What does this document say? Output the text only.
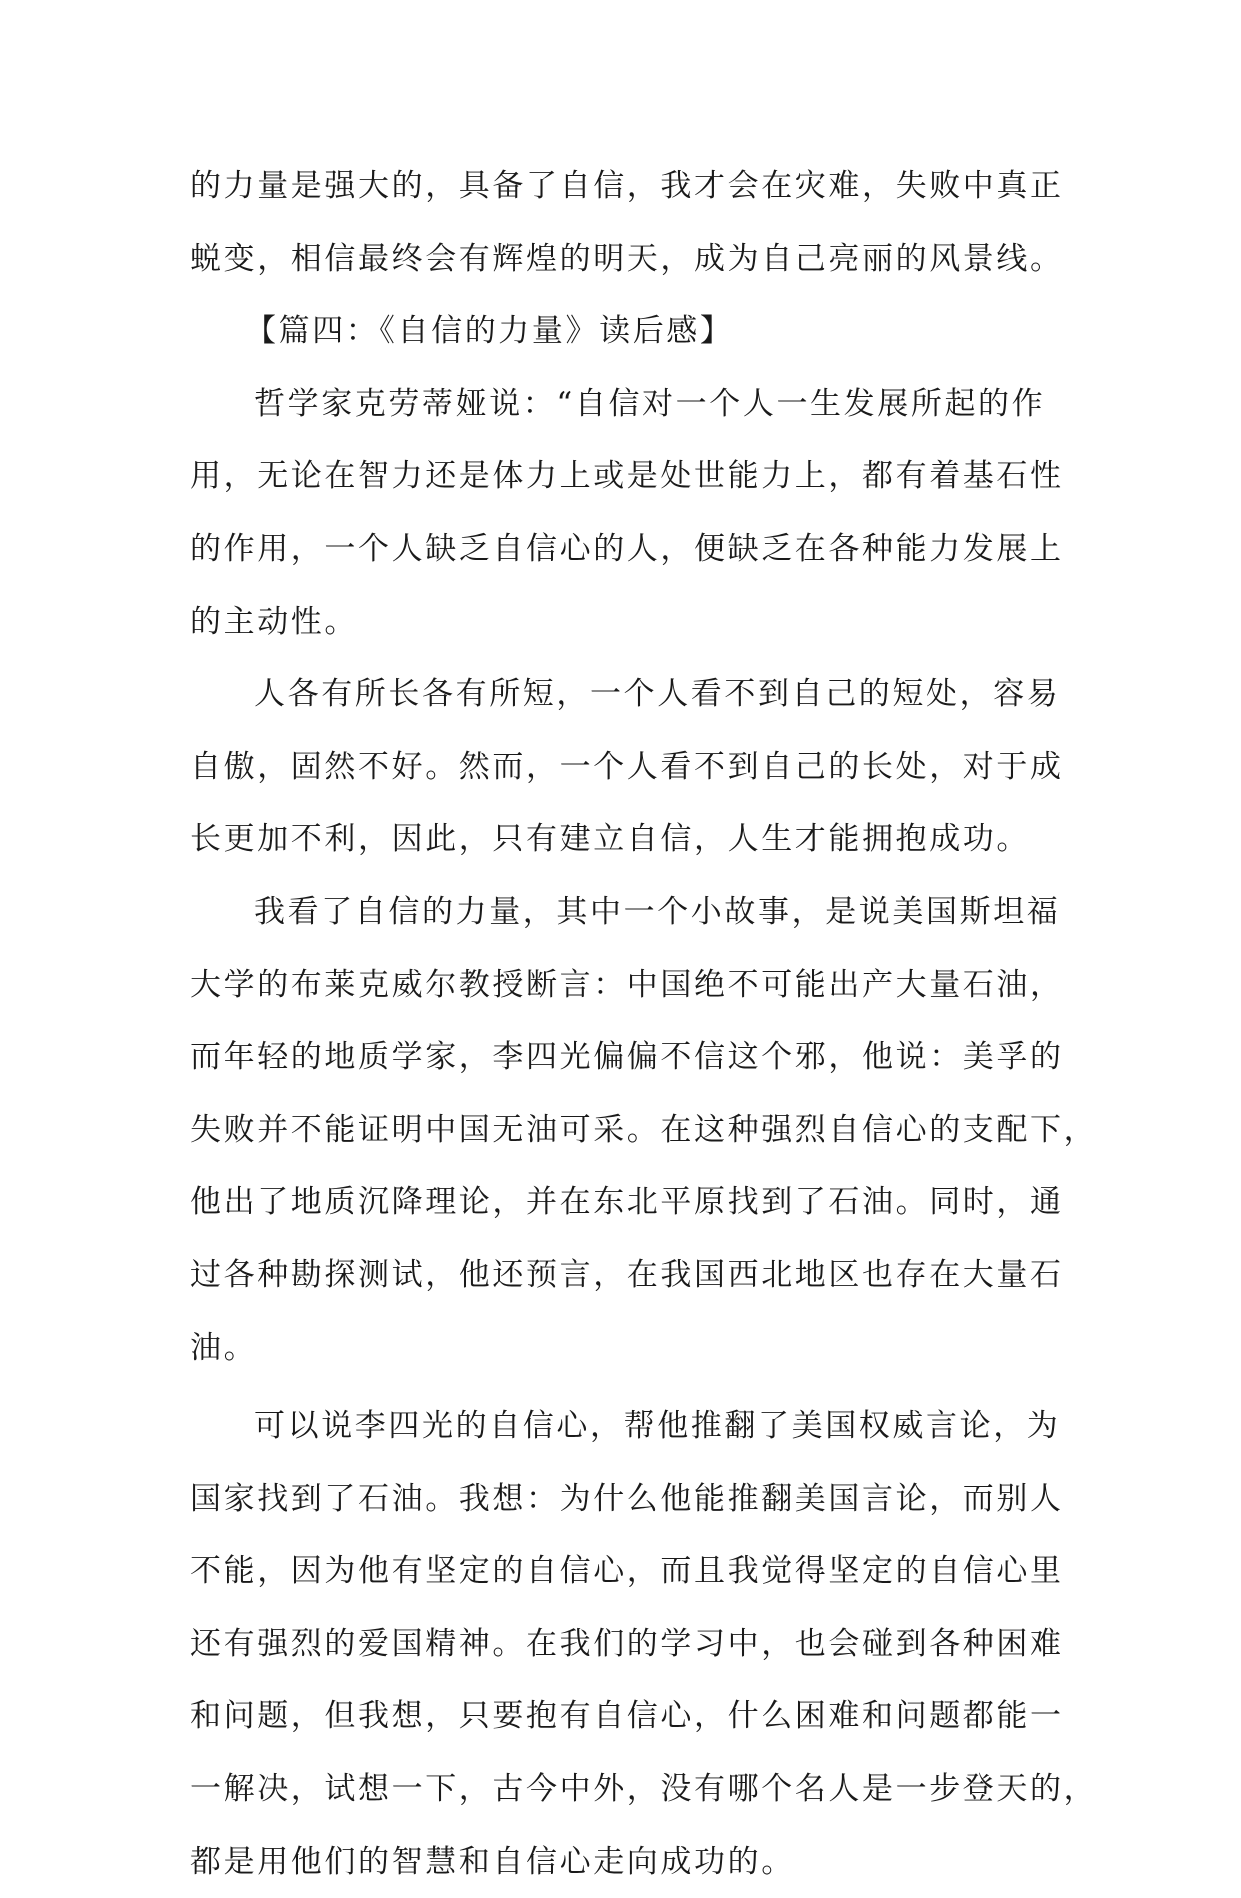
的力量是强大的，具备了自信，我才会在灾难，失败中真正
蜕变，相信最终会有辉煌的明天，成为自己亮丽的风景线。
【篇四：《自信的力量》读后感】
哲学家克劳蒂娅说：“自信对一个人一生发展所起的作
用，无论在智力还是体力上或是处世能力上，都有着基石性
的作用，一个人缺乏自信心的人，便缺乏在各种能力发展上
的主动性。
人各有所长各有所短，一个人看不到自己的短处，容易
自傲，固然不好。然而，一个人看不到自己的长处，对于成
长更加不利，因此，只有建立自信，人生才能拥抱成功。
我看了自信的力量，其中一个小故事，是说美国斯坦福
大学的布莱克威尔教授断言：中国绝不可能出产大量石油，
而年轻的地质学家，李四光偏偏不信这个邪，他说：美孚的
失败并不能证明中国无油可采。在这种强烈自信心的支配下，
他出了地质沉降理论，并在东北平原找到了石油。同时，通
过各种勘探测试，他还预言，在我国西北地区也存在大量石
油。
可以说李四光的自信心，帮他推翻了美国权威言论，为
国家找到了石油。我想：为什么他能推翻美国言论，而别人
不能，因为他有坚定的自信心，而且我觉得坚定的自信心里
还有强烈的爱国精神。在我们的学习中，也会碰到各种困难
和问题，但我想，只要抱有自信心，什么困难和问题都能一
一解决，试想一下，古今中外，没有哪个名人是一步登天的，
都是用他们的智慧和自信心走向成功的。
